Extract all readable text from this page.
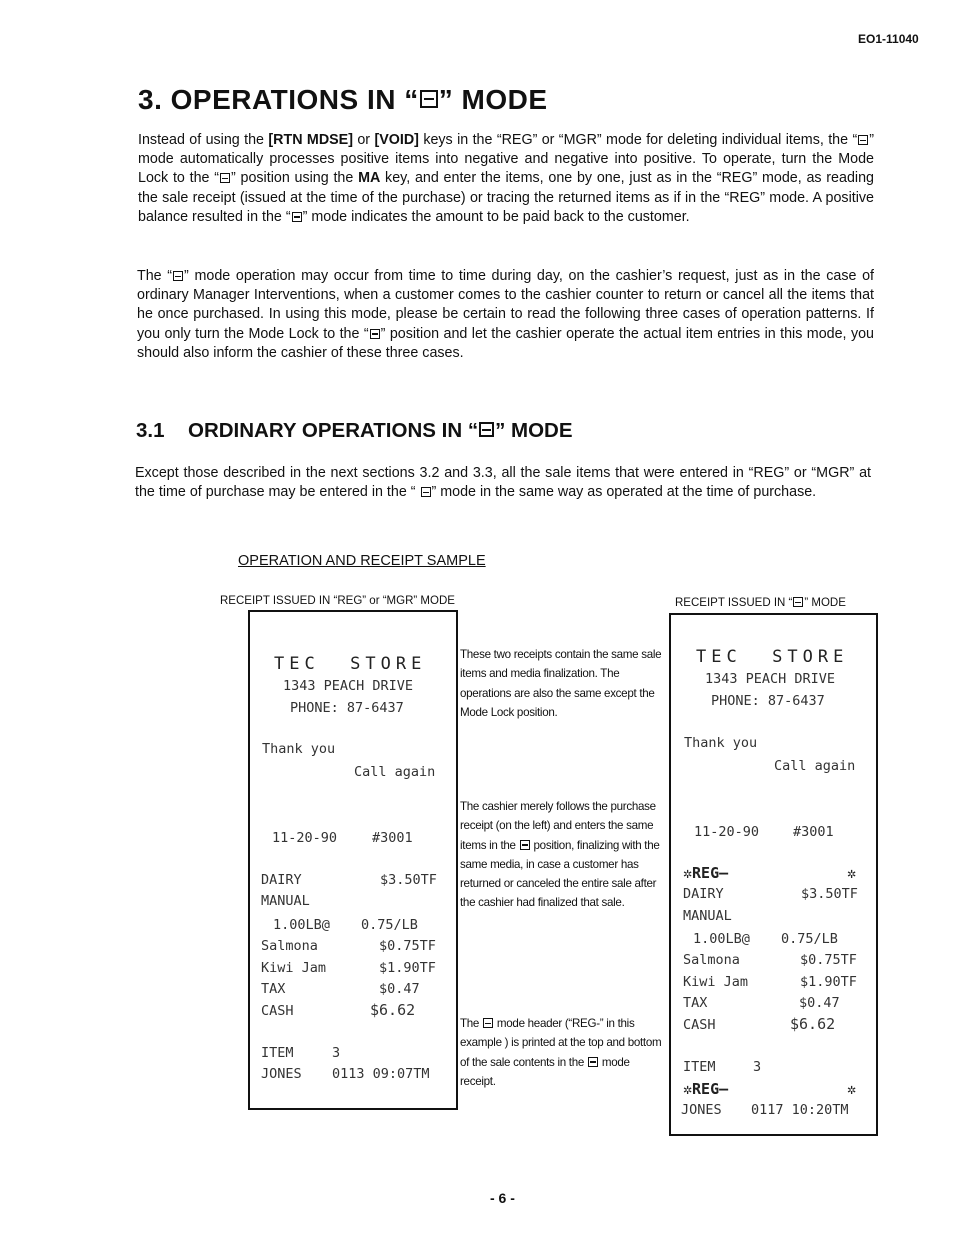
EO1-11040
3. OPERATIONS IN “ ” MODE
Instead of using the [RTN MDSE] or [VOID] keys in the “REG” or “MGR” mode for deleting individual items, the “ ” mode automatically processes positive items into negative and negative into positive. To operate, turn the Mode Lock to the “ ” position using the MA key, and enter the items, one by one, just as in the “REG” mode, as reading the sale receipt (issued at the time of the purchase) or tracing the returned items as if in the “REG” mode. A positive balance resulted in the “ ” mode indicates the amount to be paid back to the customer.
The “ ” mode operation may occur from time to time during day, on the cashier’s request, just as in the case of ordinary Manager Interventions, when a customer comes to the cashier counter to return or cancel all the items that he once purchased. In using this mode, please be certain to read the following three cases of operation patterns. If you only turn the Mode Lock to the “ ” position and let the cashier operate the actual item entries in this mode, you should also inform the cashier of these three cases.
3.1 ORDINARY OPERATIONS IN “ ” MODE
Except those described in the next sections 3.2 and 3.3, all the sale items that were entered in “REG” or “MGR” at the time of purchase may be entered in the “ ” mode in the same way as operated at the time of purchase.
OPERATION AND RECEIPT SAMPLE
RECEIPT ISSUED IN “REG” or “MGR” MODE	RECEIPT ISSUED IN “ ” MODE
TEC  STORE
1343 PEACH DRIVE
PHONE: 87-6437
Thank you
Call again
11-20-90	#3001
DAIRY	$3.50TF
MANUAL
1.00LB@ 0.75/LB
Salmona	$0.75TF
Kiwi Jam	$1.90TF
TAX	$0.47
CASH	$6.62
ITEM	3
JONES 0113 09:07TM
These two receipts contain the same sale items and media finalization. The operations are also the same except the Mode Lock position.
The cashier merely follows the purchase receipt (on the left) and enters the same items in the  position, finalizing with the same media, in case a customer has returned or canceled the entire sale after the cashier had finalized that sale.
The  mode header (“REG-” in this example ) is printed at the top and bottom of the sale contents in the  mode receipt.
TEC  STORE
1343 PEACH DRIVE
PHONE: 87-6437
Thank you
Call again
11-20-90	#3001
✲REG—	✲
DAIRY	$3.50TF
MANUAL
1.00LB@ 0.75/LB
Salmona	$0.75TF
Kiwi Jam	$1.90TF
TAX	$0.47
CASH	$6.62
ITEM	3
✲REG—	✲
JONES 0117 10:20TM
- 6 -
